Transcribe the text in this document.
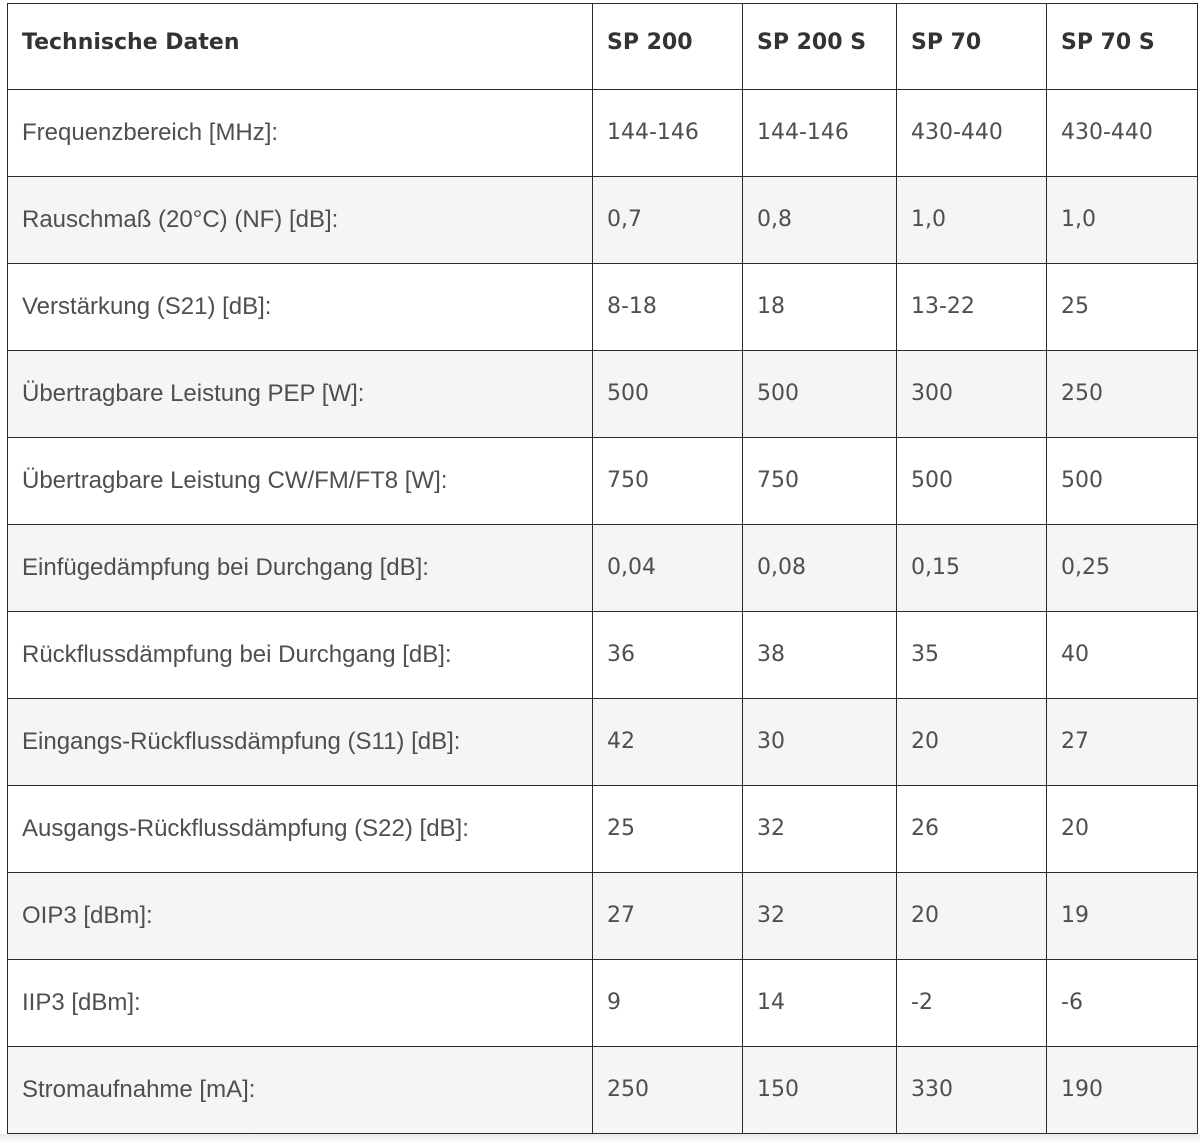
Technische Daten	SP 200	SP 200 S	SP 70	SP 70 S
Frequenzbereich [MHz]:	144-146	144-146	430-440	430-440
Rauschmaß (20°C) (NF) [dB]:	0,7	0,8	1,0	1,0
Verstärkung (S21) [dB]:	8-18	18	13-22	25
Übertragbare Leistung PEP [W]:	500	500	300	250
Übertragbare Leistung CW/FM/FT8 [W]:	750	750	500	500
Einfügedämpfung bei Durchgang [dB]:	0,04	0,08	0,15	0,25
Rückflussdämpfung bei Durchgang [dB]:	36	38	35	40
Eingangs-Rückflussdämpfung (S11) [dB]:	42	30	20	27
Ausgangs-Rückflussdämpfung (S22) [dB]:	25	32	26	20
OIP3 [dBm]:	27	32	20	19
IIP3 [dBm]:	9	14	-2	-6
Stromaufnahme [mA]:	250	150	330	190
